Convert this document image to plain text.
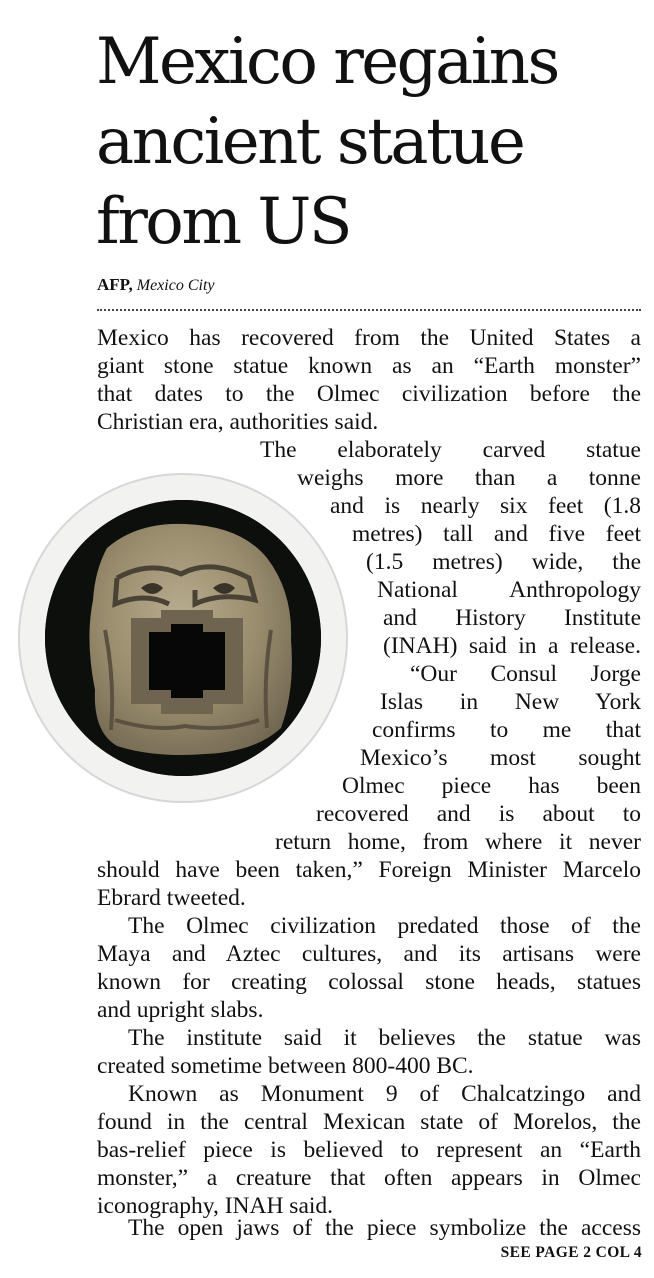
Mexico regains
ancient statue
from US
AFP, Mexico City
Mexico has recovered from the United States a
giant stone statue known as an “Earth monster”
that dates to the Olmec civilization before the
Christian era, authorities said.
The elaborately carved statue
weighs more than a tonne
and is nearly six feet (1.8
metres) tall and five feet
(1.5 metres) wide, the
National Anthropology
and History Institute
(INAH) said in a release.
“Our Consul Jorge
Islas in New York
confirms to me that
Mexico’s most sought
Olmec piece has been
recovered and is about to
return home, from where it never
should have been taken,” Foreign Minister Marcelo
Ebrard tweeted.
The Olmec civilization predated those of the
Maya and Aztec cultures, and its artisans were
known for creating colossal stone heads, statues
and upright slabs.
The institute said it believes the statue was
created sometime between 800-400 BC.
Known as Monument 9 of Chalcatzingo and
found in the central Mexican state of Morelos, the
bas-relief piece is believed to represent an “Earth
monster,” a creature that often appears in Olmec
iconography, INAH said.
The open jaws of the piece symbolize the access
SEE PAGE 2 COL 4
